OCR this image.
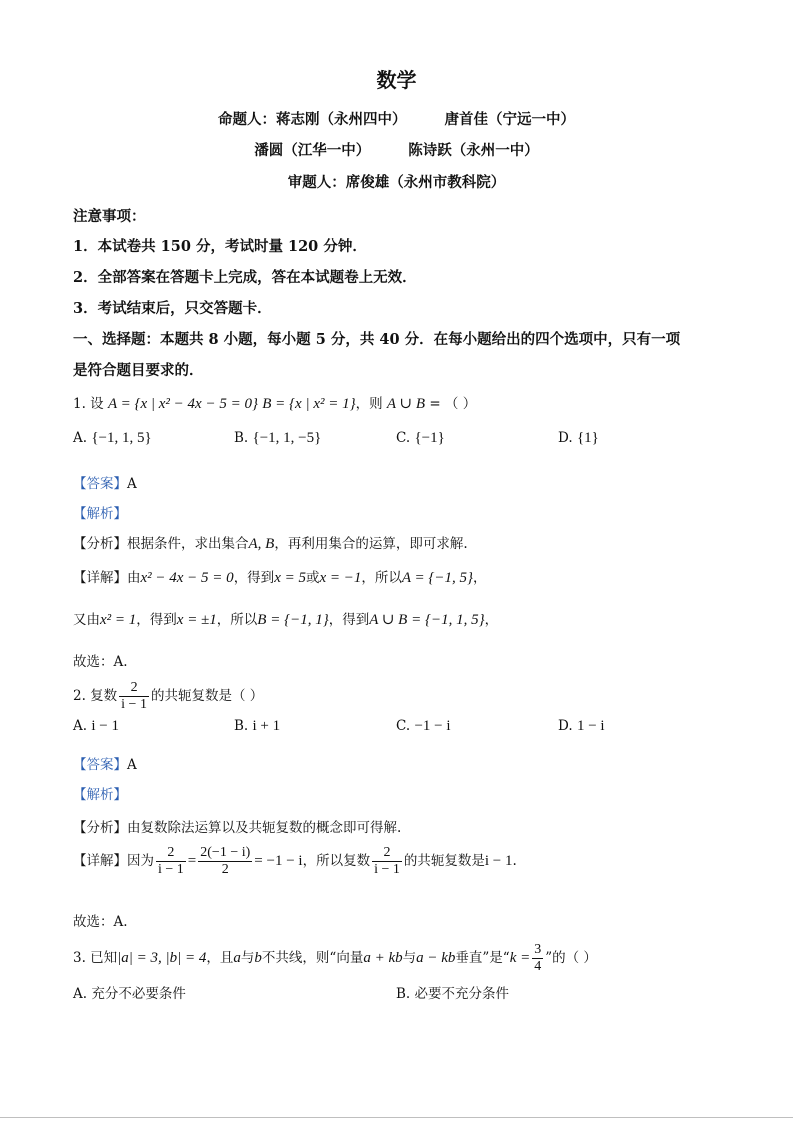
数学
命题人：蒋志刚（永州四中）	唐首佳（宁远一中）
潘圆（江华一中）	陈诗跃（永州一中）
审题人：席俊雄（永州市教科院）
注意事项：
1．本试卷共 150 分，考试时量 120 分钟．
2．全部答案在答题卡上完成，答在本试题卷上无效．
3．考试结束后，只交答题卡．
一、选择题：本题共 8 小题，每小题 5 分，共 40 分．在每小题给出的四个选项中，只有一项
是符合题目要求的．
1. 设 A = {x | x² − 4x − 5 = 0} B = {x | x² = 1}，则 A ∪ B = （ ）
A. {−1, 1, 5}	B. {−1, 1, −5}	C. {−1}	D. {1}
【答案】A
【解析】
【分析】根据条件，求出集合A, B，再利用集合的运算，即可求解.
【详解】由x² − 4x − 5 = 0，得到x = 5或x = −1，所以A = {−1, 5}，
又由x² = 1，得到x = ±1，所以B = {−1, 1}，得到A ∪ B = {−1, 1, 5}，
故选：A.
2. 复数 $\frac{2}{i - 1}$ 的共轭复数是（ ）
A. i − 1	B. i + 1	C. −1 − i	D. 1 − i
【答案】A
【解析】
【分析】由复数除法运算以及共轭复数的概念即可得解.
【详解】因为 $\frac{2}{i - 1} = \frac{2(-1 - i)}{2} = -1 - i$，所以复数 $\frac{2}{i - 1}$ 的共轭复数是i − 1.
故选：A.
3. 已知|a| = 3, |b| = 4，且a与b不共线，则“向量a + kb与a − kb垂直”是“$k = \frac{3}{4}$ ”的（ ）
A. 充分不必要条件	B. 必要不充分条件
